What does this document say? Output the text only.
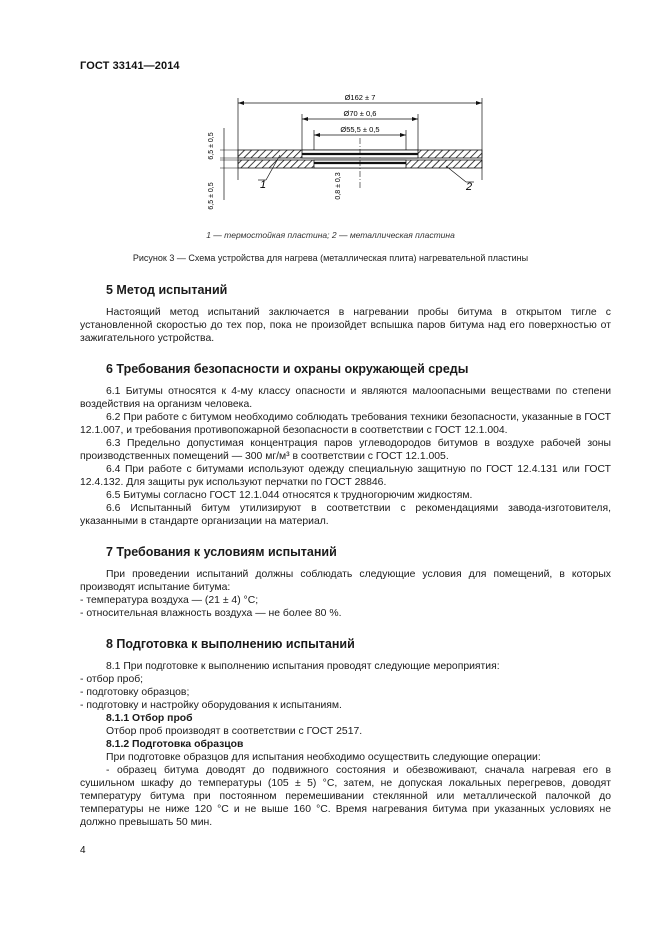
ГОСТ 33141—2014
Ø162 ± 7
Ø70 ± 0,6
Ø55,5 ± 0,5
6,5 ± 0,5
6,5 ± 0,5	0,8 ± 0,3
1	2
1 — термостойкая пластина; 2 — металлическая пластина
Рисунок 3 — Схема устройства для нагрева (металлическая плита) нагревательной пластины
5 Метод испытаний

Настоящий метод испытаний заключается в нагревании пробы битума в открытом тигле с установленной скоростью до тех пор, пока не произойдет вспышка паров битума над его поверхностью от зажигательного устройства.

6 Требования безопасности и охраны окружающей среды

6.1 Битумы относятся к 4-му классу опасности и являются малоопасными веществами по степени воздействия на организм человека.

6.2 При работе с битумом необходимо соблюдать требования техники безопасности, указанные в ГОСТ 12.1.007, и требования противопожарной безопасности в соответствии с ГОСТ 12.1.004.

6.3 Предельно допустимая концентрация паров углеводородов битумов в воздухе рабочей зоны производственных помещений — 300 мг/м³ в соответствии с ГОСТ 12.1.005.

6.4 При работе с битумами используют одежду специальную защитную по ГОСТ 12.4.131 или ГОСТ 12.4.132. Для защиты рук используют перчатки по ГОСТ 28846.

6.5 Битумы согласно ГОСТ 12.1.044 относятся к трудногорючим жидкостям.

6.6 Испытанный битум утилизируют в соответствии с рекомендациями завода-изготовителя, указанными в стандарте организации на материал.

7 Требования к условиям испытаний

При проведении испытаний должны соблюдать следующие условия для помещений, в которых производят испытание битума:

- температура воздуха — (21 ± 4) °С;

- относительная влажность воздуха — не более 80 %.

8 Подготовка к выполнению испытаний

8.1 При подготовке к выполнению испытания проводят следующие мероприятия:

- отбор проб;

- подготовку образцов;

- подготовку и настройку оборудования к испытаниям.

8.1.1 Отбор проб

Отбор проб производят в соответствии с ГОСТ 2517.

8.1.2 Подготовка образцов

При подготовке образцов для испытания необходимо осуществить следующие операции:

- образец битума доводят до подвижного состояния и обезвоживают, сначала нагревая его в сушильном шкафу до температуры (105 ± 5) °С, затем, не допуская локальных перегревов, доводят температуру битума при постоянном перемешивании стеклянной или металлической палочкой до температуры не ниже 120 °С и не выше 160 °С. Время нагревания битума при указанных условиях не должно превышать 50 мин.

4
